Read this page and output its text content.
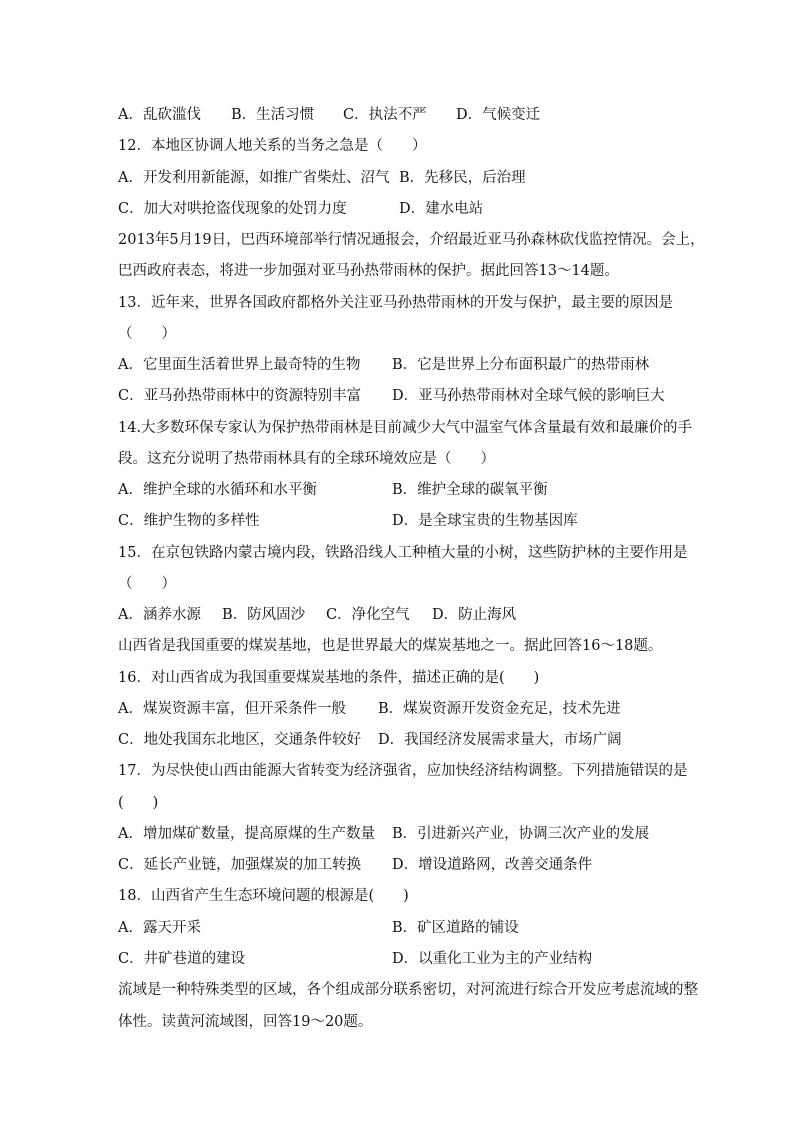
A．乱砍滥伐 B．生活习惯 C．执法不严 D．气候变迁
12．本地区协调人地关系的当务之急是（　　）
A．开发利用新能源，如推广省柴灶、沼气 B．先移民，后治理
C．加大对哄抢盗伐现象的处罚力度	D．建水电站
2013年5月19日，巴西环境部举行情况通报会，介绍最近亚马孙森林砍伐监控情况。会上，
巴西政府表态，将进一步加强对亚马孙热带雨林的保护。据此回答13～14题。
13．近年来，世界各国政府都格外关注亚马孙热带雨林的开发与保护，最主要的原因是
（　　）
A．它里面生活着世界上最奇特的生物 B．它是世界上分布面积最广的热带雨林
C．亚马孙热带雨林中的资源特别丰富 D．亚马孙热带雨林对全球气候的影响巨大
14.大多数环保专家认为保护热带雨林是目前减少大气中温室气体含量最有效和最廉价的手
段。这充分说明了热带雨林具有的全球环境效应是（　　）
A．维护全球的水循环和水平衡	B．维护全球的碳氧平衡
C．维护生物的多样性	D．是全球宝贵的生物基因库
15．在京包铁路内蒙古境内段，铁路沿线人工种植大量的小树，这些防护林的主要作用是
（　　）
A．涵养水源 B．防风固沙 C．净化空气 D．防止海风
山西省是我国重要的煤炭基地，也是世界最大的煤炭基地之一。据此回答16～18题。
16．对山西省成为我国重要煤炭基地的条件，描述正确的是(　　)
A．煤炭资源丰富，但开采条件一般 B．煤炭资源开发资金充足，技术先进
C．地处我国东北地区，交通条件较好 D．我国经济发展需求量大，市场广阔
17．为尽快使山西由能源大省转变为经济强省，应加快经济结构调整。下列措施错误的是
(　　)
A．增加煤矿数量，提高原煤的生产数量 B．引进新兴产业，协调三次产业的发展
C．延长产业链，加强煤炭的加工转换 D．增设道路网，改善交通条件
18．山西省产生生态环境问题的根源是(　　)
A．露天开采	B．矿区道路的铺设
C．井矿巷道的建设	D．以重化工业为主的产业结构
流域是一种特殊类型的区域，各个组成部分联系密切，对河流进行综合开发应考虑流域的整
体性。读黄河流域图，回答19～20题。
